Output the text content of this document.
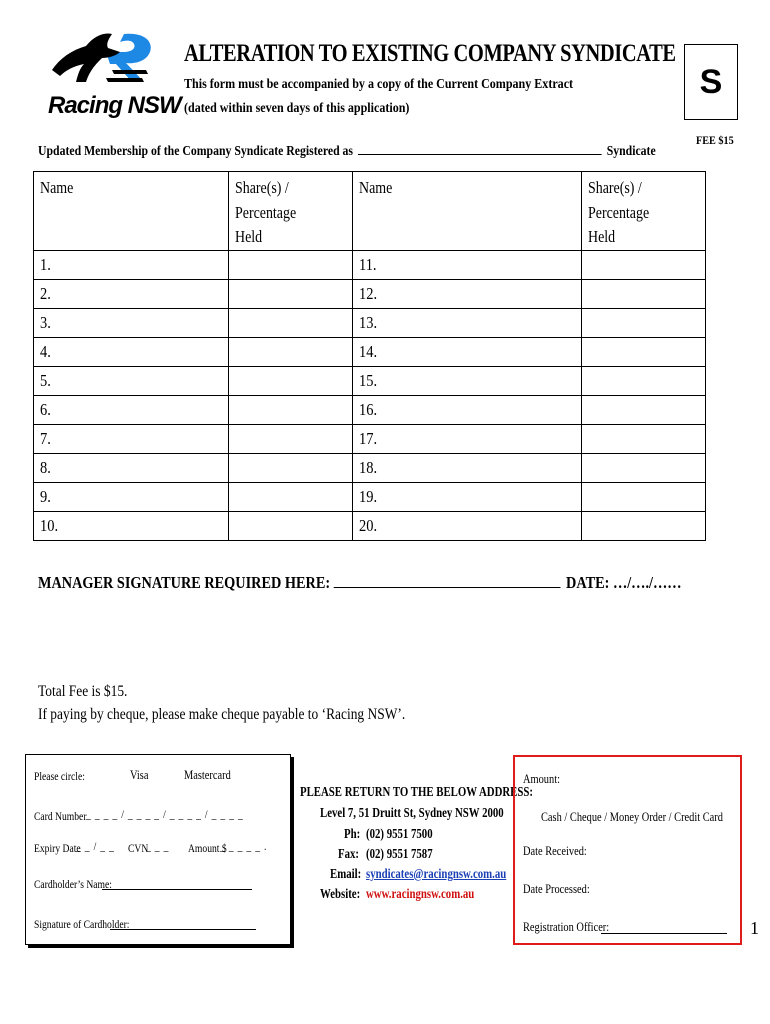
Racing NSW
ALTERATION TO EXISTING COMPANY SYNDICATE
This form must be accompanied by a copy of the Current Company Extract
(dated within seven days of this application)
S
FEE $15
Updated Membership of the Company Syndicate Registered as	Syndicate
Name	Share(s) / Percentage Held	Name	Share(s) / Percentage Held
1.		11.	
2.		12.	
3.		13.	
4.		14.	
5.		15.	
6.		16.	
7.		17.	
8.		18.	
9.		19.	
10.		20.	
MANAGER SIGNATURE REQUIRED HERE:	DATE: …/…./……
Total Fee is $15.
If paying by cheque, please make cheque payable to ‘Racing NSW’.
Please circle:	Visa	Mastercard
Card Number _ _ _ _ / _ _ _ _ / _ _ _ _ / _ _ _ _
Expiry Date
_ _ / _ _ CVN
_ _ _ Amount $
_ _ _ _ _ .
Cardholder’s Name:
Signature of Cardholder:
PLEASE RETURN TO THE BELOW ADDRESS:
Level 7, 51 Druitt St, Sydney NSW 2000
Ph: (02) 9551 7500
Fax: (02) 9551 7587
Email: syndicates@racingnsw.com.au
Website: www.racingnsw.com.au
Amount:
Cash / Cheque / Money Order / Credit Card
Date Received:
Date Processed:
Registration Officer:	1
